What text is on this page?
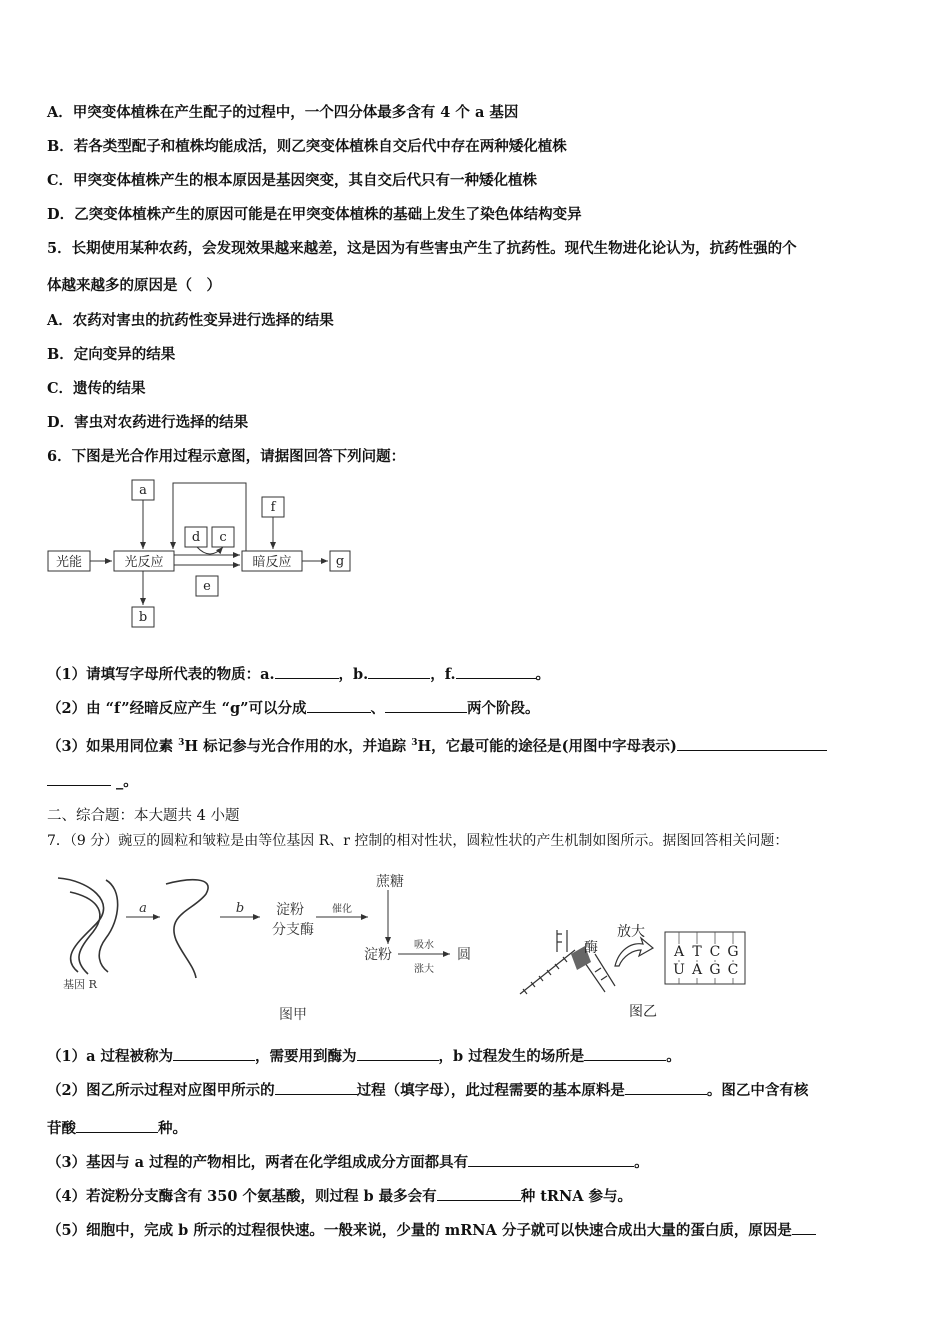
A．甲突变体植株在产生配子的过程中，一个四分体最多含有 4 个 a 基因
B．若各类型配子和植株均能成活，则乙突变体植株自交后代中存在两种矮化植株
C．甲突变体植株产生的根本原因是基因突变，其自交后代只有一种矮化植株
D．乙突变体植株产生的原因可能是在甲突变体植株的基础上发生了染色体结构变异
5．长期使用某种农药，会发现效果越来越差，这是因为有些害虫产生了抗药性。现代生物进化论认为，抗药性强的个
体越来越多的原因是（　）
A．农药对害虫的抗药性变异进行选择的结果
B．定向变异的结果
C．遗传的结果
D．害虫对农药进行选择的结果
6．下图是光合作用过程示意图，请据图回答下列问题：
光能	光反应	暗反应
a
b
d c
e
f
g
（1）请填写字母所代表的物质：a.	，b.	，f.	。
（2）由 “f”经暗反应产生 “g”可以分成	、	两个阶段。
（3）如果用同位素 $^3$H 标记参与光合作用的水，并追踪 $^3$H，它最可能的途径是(用图中字母表示)
_。
二、综合题：本大题共 4 小题
7．（9 分）豌豆的圆粒和皱粒是由等位基因 R、r 控制的相对性状，圆粒性状的产生机制如图所示。据图回答相关问题：
基因 R
a	b 淀粉
分支酶
蔗糖
催化
淀粉
吸水
涨大
圆
图甲
酶
放大
A T C G
U A G C
图乙
（1）a 过程被称为	，需要用到酶为	，b 过程发生的场所是	。
（2）图乙所示过程对应图甲所示的	过程（填字母），此过程需要的基本原料是	。图乙中含有核
苷酸	种。
（3）基因与 a 过程的产物相比，两者在化学组成成分方面都具有	。
（4）若淀粉分支酶含有 350 个氨基酸，则过程 b 最多会有	种 tRNA 参与。
（5）细胞中，完成 b 所示的过程很快速。一般来说，少量的 mRNA 分子就可以快速合成出大量的蛋白质，原因是
